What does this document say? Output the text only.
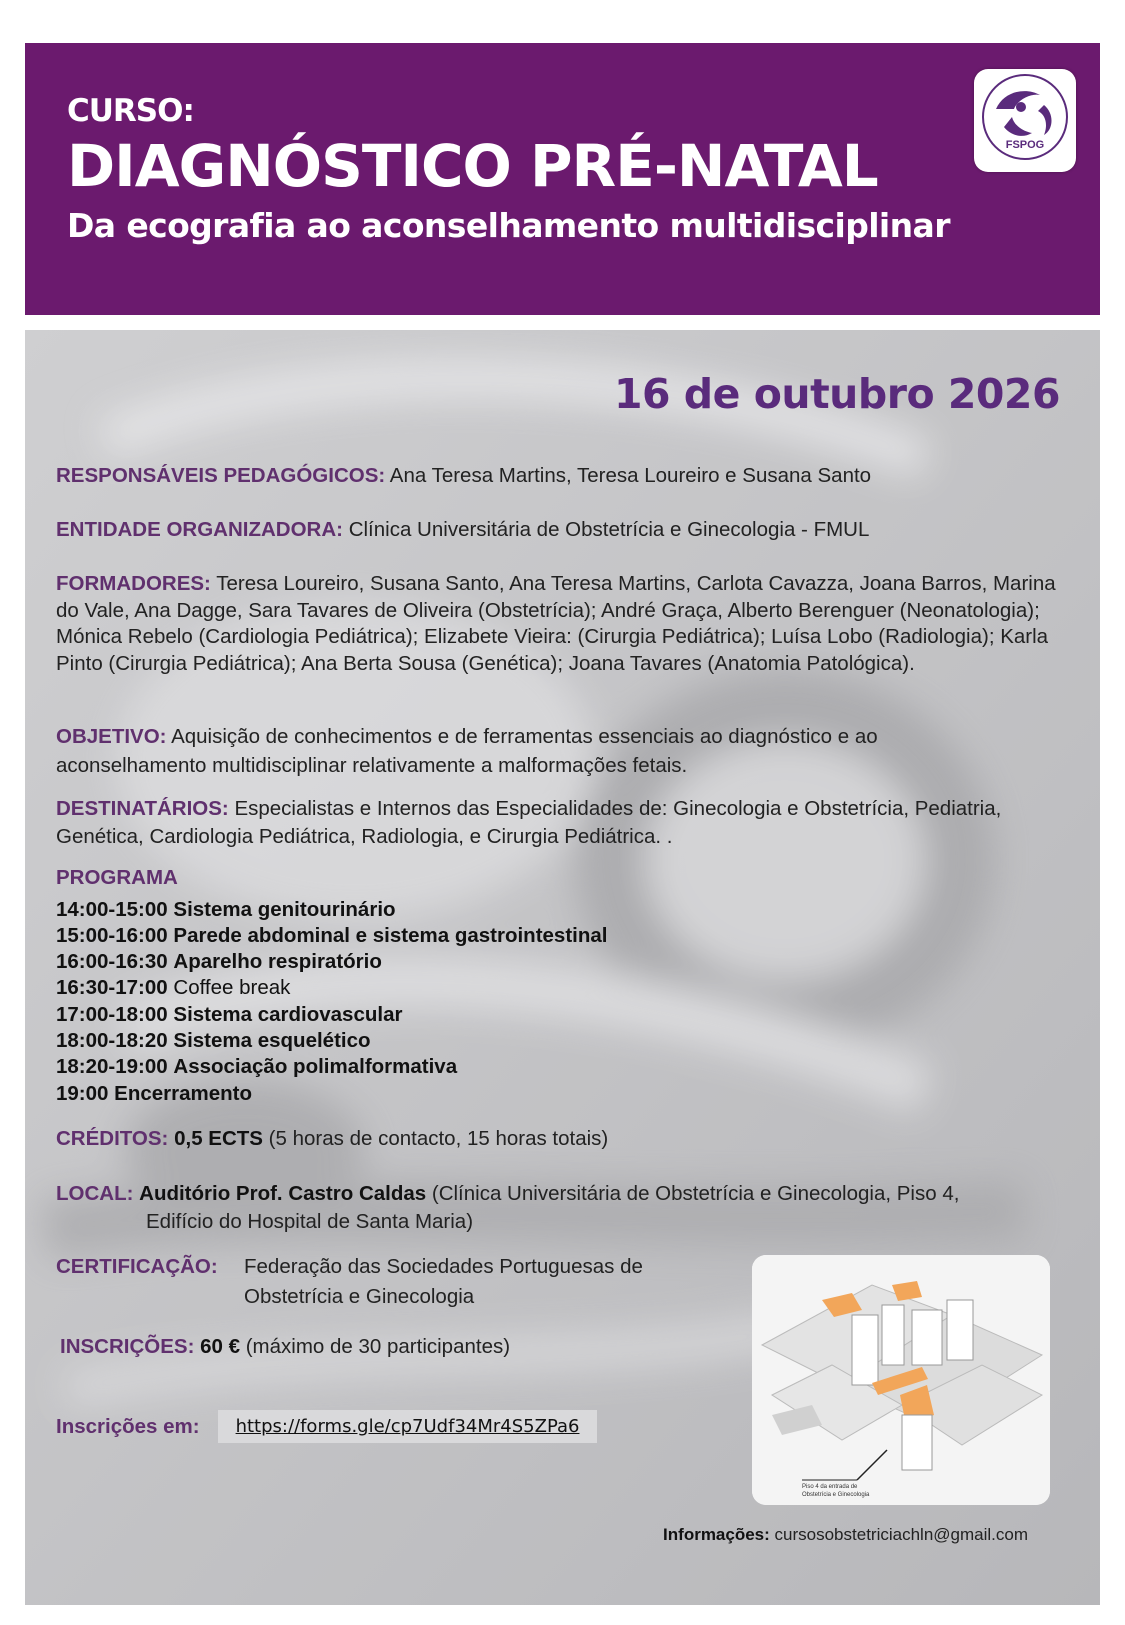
CURSO:
DIAGNÓSTICO PRÉ-NATAL
Da ecografia ao aconselhamento multidisciplinar
FSPOG
16 de outubro 2026
RESPONSÁVEIS PEDAGÓGICOS: Ana Teresa Martins, Teresa Loureiro e Susana Santo
ENTIDADE ORGANIZADORA: Clínica Universitária de Obstetrícia e Ginecologia - FMUL
FORMADORES: Teresa Loureiro, Susana Santo, Ana Teresa Martins, Carlota Cavazza, Joana Barros, Marina do Vale, Ana Dagge, Sara Tavares de Oliveira (Obstetrícia); André Graça, Alberto Berenguer (Neonatologia); Mónica Rebelo (Cardiologia Pediátrica); Elizabete Vieira: (Cirurgia Pediátrica); Luísa Lobo (Radiologia); Karla Pinto (Cirurgia Pediátrica); Ana Berta Sousa (Genética); Joana Tavares (Anatomia Patológica).
OBJETIVO: Aquisição de conhecimentos e de ferramentas essenciais ao diagnóstico e ao aconselhamento multidisciplinar relativamente a malformações fetais.
DESTINATÁRIOS: Especialistas e Internos das Especialidades de: Ginecologia e Obstetrícia, Pediatria, Genética, Cardiologia Pediátrica, Radiologia, e Cirurgia Pediátrica. .
PROGRAMA
14:00-15:00 Sistema genitourinário
15:00-16:00 Parede abdominal e sistema gastrointestinal
16:00-16:30 Aparelho respiratório
16:30-17:00 Coffee break
17:00-18:00 Sistema cardiovascular
18:00-18:20 Sistema esquelético
18:20-19:00 Associação polimalformativa
19:00 Encerramento
CRÉDITOS: 0,5 ECTS (5 horas de contacto, 15 horas totais)
LOCAL: Auditório Prof. Castro Caldas (Clínica Universitária de Obstetrícia e Ginecologia, Piso 4,
Edifício do Hospital de Santa Maria)
CERTIFICAÇÃO:	Federação das Sociedades Portuguesas de
Obstetrícia e Ginecologia
INSCRIÇÕES: 60 € (máximo de 30 participantes)
Inscrições em:	https://forms.gle/cp7Udf34Mr4S5ZPa6
Piso 4 da entrada de
Obstetrícia e Ginecologia
Informações: cursosobstetriciachln@gmail.com
